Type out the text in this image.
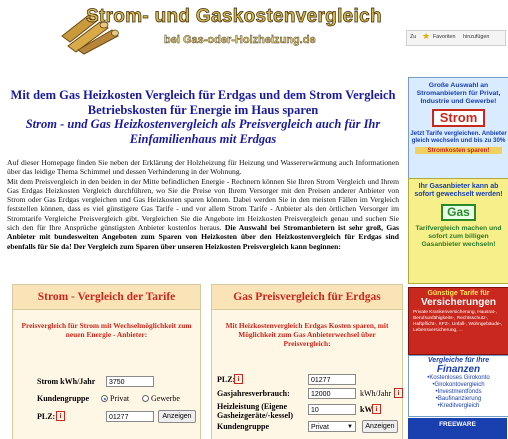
Strom- und Gaskostenvergleich
bei Gas-oder-Holzheizung.de
Mit dem Gas Heizkosten Vergleich für Erdgas und dem Strom Vergleich Betriebskosten für Energie im Haus sparen
Strom - und Gas Heizkostenvergleich als Preisvergleich auch für Ihr Einfamilienhaus mit Erdgas
Auf dieser Homepage finden Sie neben der Erklärung der Holzheizung für Heizung und Wassererwärmung auch Informationen über das leidige Thema Schimmel und dessen Verhinderung in der Wohnung.
Mit dem Preisvergleich in den beiden in der Mitte befindlichen Energie - Rechnern können Sie Ihren Strom Vergleich und Ihrem Gas Erdgas Heizkosten Vergleich durchführen, wo Sie die Preise von Ihrem Versorger mit den Preisen anderer Anbieter von Strom oder Gas Erdgas vergleichen und Gas Heizkosten sparen können. Dabei werden Sie in den meisten Fällen im Vergleich feststellen können, dass es viel günstigere Gas Tarife - und vor allem Strom Tarife - Anbieter als den örtlichen Versorger im Stromtarife Vergleiche Preisvergleich gibt. Vergleichen Sie die Angebote im Heizkosten Preisvergleich genau und suchen Sie sich den für Ihre Ansprüche günstigsten Anbieter kostenlos heraus. Die Auswahl bei Stromanbietern ist sehr groß, Gas Anbieter mit bundesweiten Angeboten zum Sparen von Heizkosten über den Heizkostenvergleich für Erdgas sind ebenfalls für Sie da! Der Vergleich zum Sparen über unseren Heizkosten Preisvergleich kann beginnen:
Strom - Vergleich der Tarife
Preisvergleich für Strom mit Wechselmöglichkeit zum neuen Energie - Anbieter:
Strom kWh/Jahr	3750
Kundengruppe	Privat	Gewerbe
PLZ: i	01277	Anzeigen
Gas Preisvergleich für Erdgas
Mit Heizkostenvergleich Erdgas Kosten sparen, mit Möglichkeit zum Gas Anbieterwechsel über Preisvergleich:
PLZ: i	01277
Gasjahresverbrauch:	12000	kWh/Jahr i
Heizleistung (Eigene Gasheizgeräte/-kessel)
10	kW i
Kundengruppe	Privat	▼	Anzeigen
Zu ★ Favoriten hinzufügen
Große Auswahl an Stromanbietern für Privat, Industrie und Gewerbe!
Strom
Jetzt Tarife vergleichen. Anbieter gleich wechseln und bis zu 30%
Stromkosten sparen!
Ihr Gasanbieter kann ab sofort gewechselt werden!
Gas
Tarifvergleich machen und sofort zum billigen Gasanbieter wechseln!
Günstige Tarife für
Versicherungen
Private Krankenversicherung, Hausrat-, Berufsunfähigkeits-, Rechtsschutz-, Haftpflicht-, KFZ-, Unfall-, Wohngebäude-, Lebensversicherung, ...
Vergleiche für Ihre
Finanzen
•Kostenloses Girokonto
•Girokontovergleich
•Investmentfonds
•Baufinanzierung
•Kreditvergleich
FREEWARE
